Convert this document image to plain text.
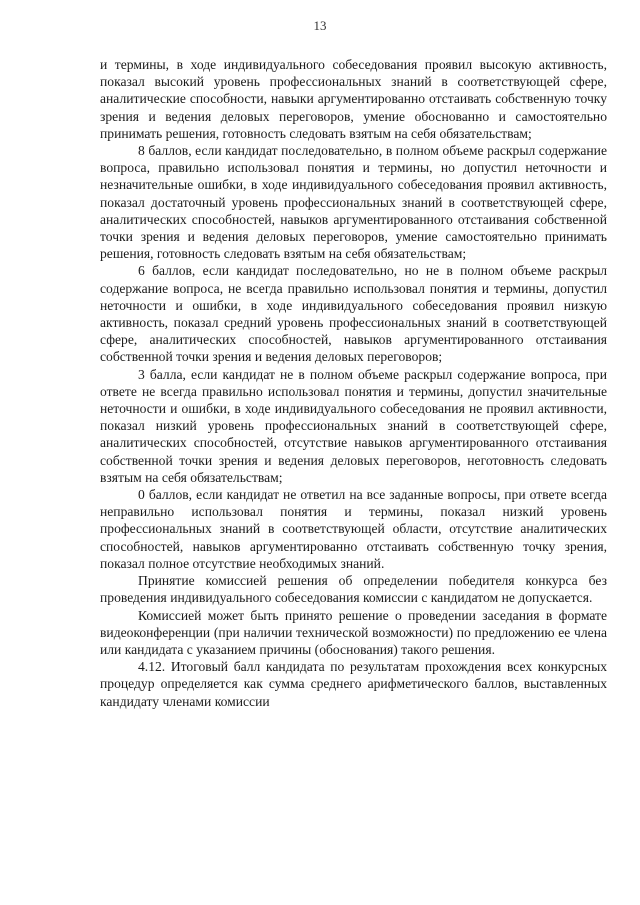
13

и термины, в ходе индивидуального собеседования проявил высокую активность, показал высокий уровень профессиональных знаний в соответствующей сфере, аналитические способности, навыки аргументированно отстаивать собственную точку зрения и ведения деловых переговоров, умение обоснованно и самостоятельно принимать решения, готовность следовать взятым на себя обязательствам;

8 баллов, если кандидат последовательно, в полном объеме раскрыл содержание вопроса, правильно использовал понятия и термины, но допустил неточности и незначительные ошибки, в ходе индивидуального собеседования проявил активность, показал достаточный уровень профессиональных знаний в соответствующей сфере, аналитических способностей, навыков аргументированного отстаивания собственной точки зрения и ведения деловых переговоров, умение самостоятельно принимать решения, готовность следовать взятым на себя обязательствам;

6 баллов, если кандидат последовательно, но не в полном объеме раскрыл содержание вопроса, не всегда правильно использовал понятия и термины, допустил неточности и ошибки, в ходе индивидуального собеседования проявил низкую активность, показал средний уровень профессиональных знаний в соответствующей сфере, аналитических способностей, навыков аргументированного отстаивания собственной точки зрения и ведения деловых переговоров;

3 балла, если кандидат не в полном объеме раскрыл содержание вопроса, при ответе не всегда правильно использовал понятия и термины, допустил значительные неточности и ошибки, в ходе индивидуального собеседования не проявил активности, показал низкий уровень профессиональных знаний в соответствующей сфере, аналитических способностей, отсутствие навыков аргументированного отстаивания собственной точки зрения и ведения деловых переговоров, неготовность следовать взятым на себя обязательствам;

0 баллов, если кандидат не ответил на все заданные вопросы, при ответе всегда неправильно использовал понятия и термины, показал низкий уровень профессиональных знаний в соответствующей области, отсутствие аналитических способностей, навыков аргументированно отстаивать собственную точку зрения, показал полное отсутствие необходимых знаний.

Принятие комиссией решения об определении победителя конкурса без проведения индивидуального собеседования комиссии с кандидатом не допускается.

Комиссией может быть принято решение о проведении заседания в формате видеоконференции (при наличии технической возможности) по предложению ее члена или кандидата с указанием причины (обоснования) такого решения.

4.12. Итоговый балл кандидата по результатам прохождения всех конкурсных процедур определяется как сумма среднего арифметического баллов, выставленных кандидату членами комиссии
